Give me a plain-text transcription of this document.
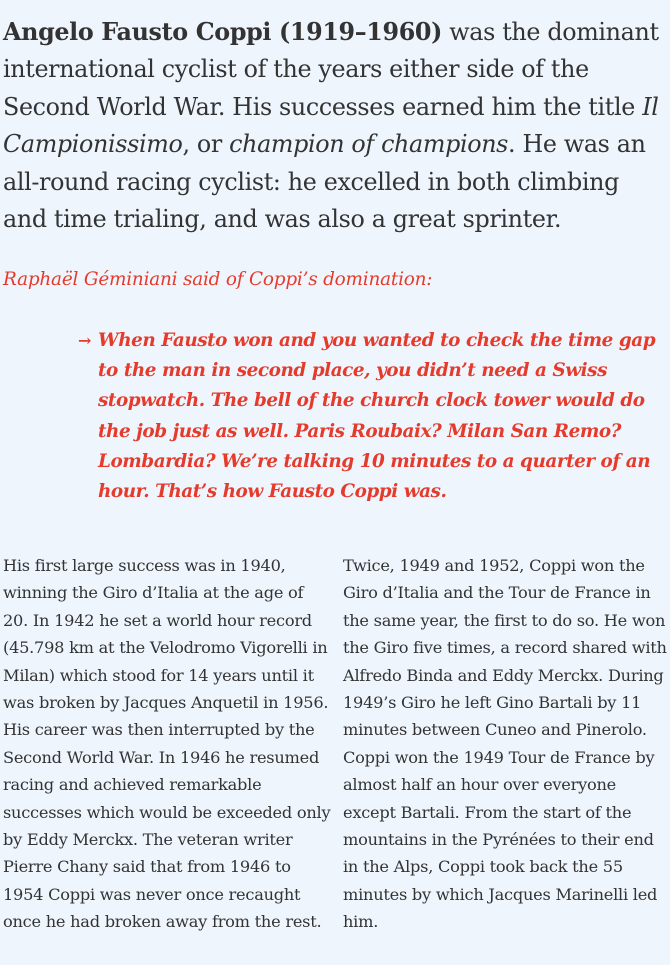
Angelo Fausto Coppi (1919–1960) was the dominant international cyclist of the years either side of the Second World War. His successes earned him the title Il Campionissimo, or champion of champions. He was an all-round racing cyclist: he excelled in both climbing and time trialing, and was also a great sprinter.

Raphaël Géminiani said of Coppi’s domination:

→ When Fausto won and you wanted to check the time gap to the man in second place, you didn’t need a Swiss stopwatch. The bell of the church clock tower would do the job just as well. Paris Roubaix? Milan San Remo? Lombardia? We’re talking 10 minutes to a quarter of an hour. That’s how Fausto Coppi was.

His first large success was in 1940, winning the Giro d’Italia at the age of 20. In 1942 he set a world hour record (45.798 km at the Velodromo Vigorelli in Milan) which stood for 14 years until it was broken by Jacques Anquetil in 1956. His career was then interrupted by the Second World War. In 1946 he resumed racing and achieved remarkable successes which would be exceeded only by Eddy Merckx. The veteran writer Pierre Chany said that from 1946 to 1954 Coppi was never once recaught once he had broken away from the rest.

Twice, 1949 and 1952, Coppi won the Giro d’Italia and the Tour de France in the same year, the first to do so. He won the Giro five times, a record shared with Alfredo Binda and Eddy Merckx. During 1949’s Giro he left Gino Bartali by 11 minutes between Cuneo and Pinerolo. Coppi won the 1949 Tour de France by almost half an hour over everyone except Bartali. From the start of the mountains in the Pyrénées to their end in the Alps, Coppi took back the 55 minutes by which Jacques Marinelli led him.
